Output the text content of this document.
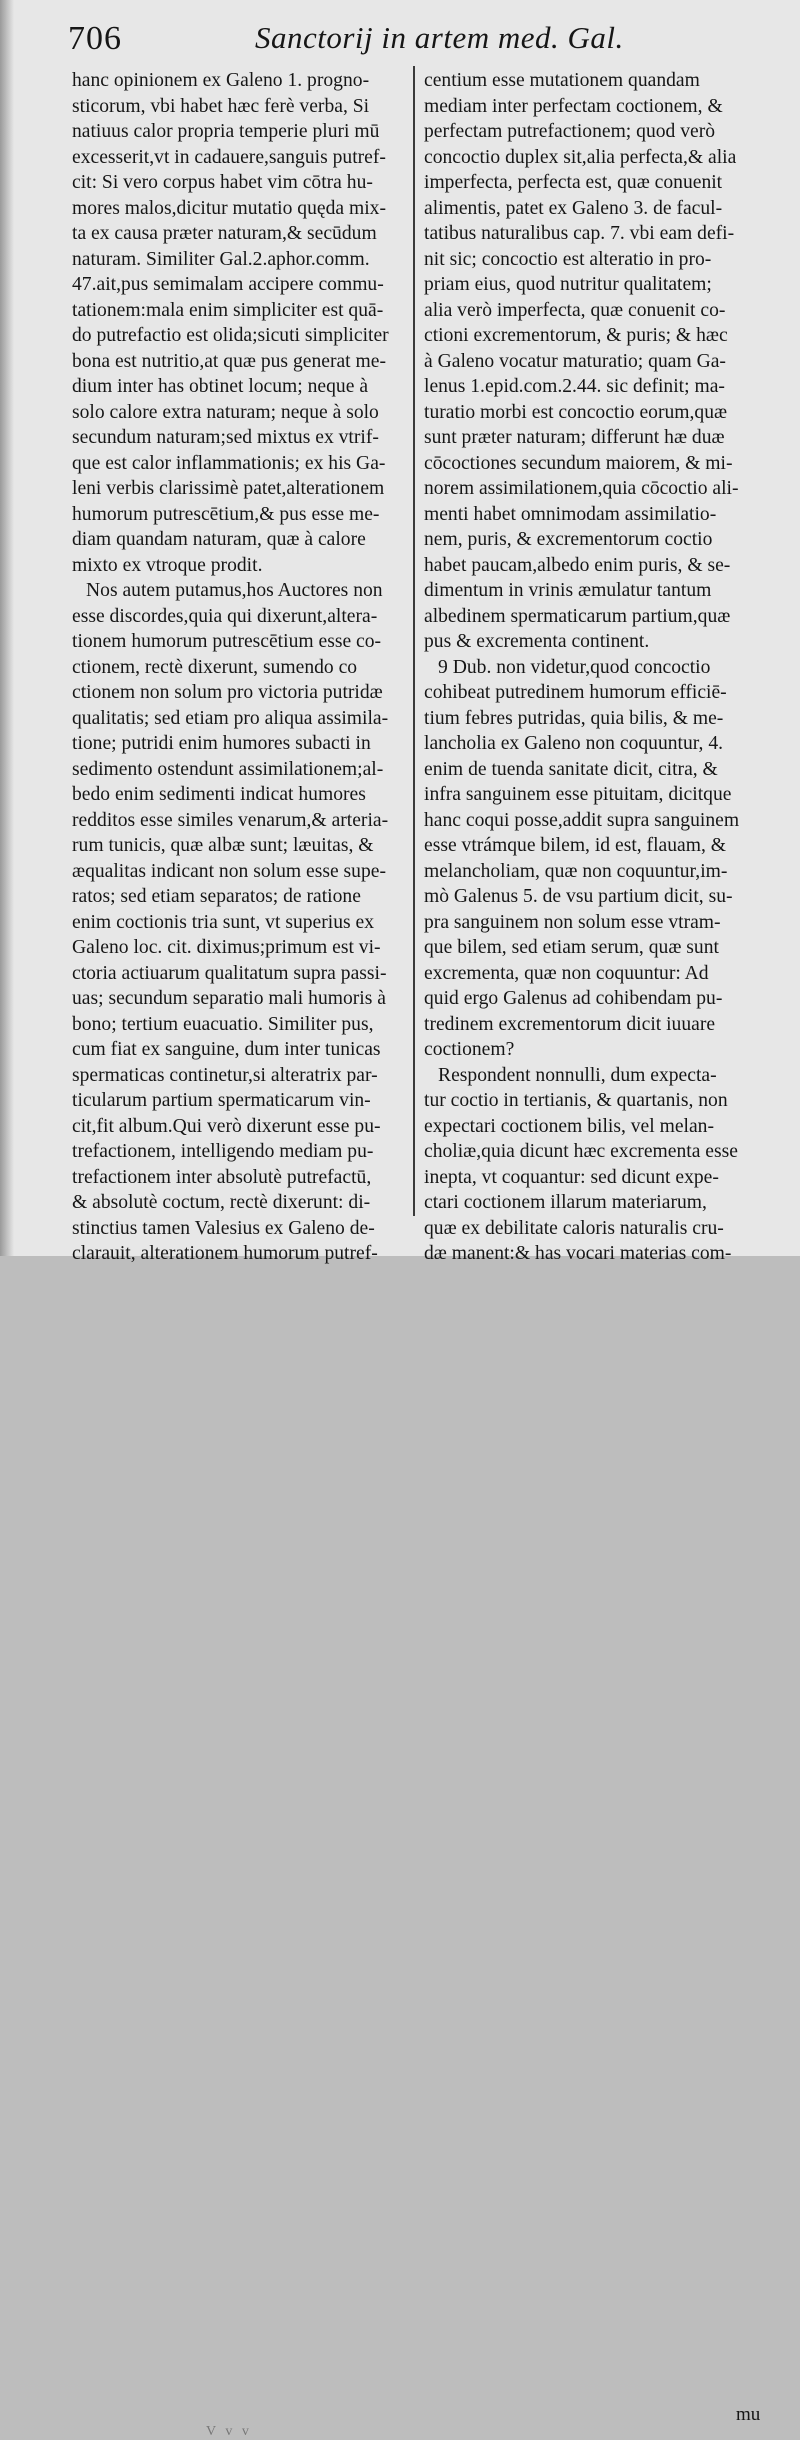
706	Sanctorij in artem med. Gal.
hanc opinionem ex Galeno 1. progno-
sticorum, vbi habet hæc ferè verba, Si
natiuus calor propria temperie pluri mū
excesserit,vt in cadauere,sanguis putref-
cit: Si vero corpus habet vim cōtra hu-
mores malos,dicitur mutatio quęda mix-
ta ex causa præter naturam,& secūdum
naturam. Similiter Gal.2.aphor.comm.
47.ait,pus semimalam accipere commu-
tationem:mala enim simpliciter est quā-
do putrefactio est olida;sicuti simpliciter
bona est nutritio,at quæ pus generat me-
dium inter has obtinet locum; neque à
solo calore extra naturam; neque à solo
secundum naturam;sed mixtus ex vtrif-
que est calor inflammationis; ex his Ga-
leni verbis clarissimè patet,alterationem
humorum putrescētium,& pus esse me-
diam quandam naturam, quæ à calore
mixto ex vtroque prodit.
Nos autem putamus,hos Auctores non
esse discordes,quia qui dixerunt,altera-
tionem humorum putrescētium esse co-
ctionem, rectè dixerunt, sumendo co
ctionem non solum pro victoria putridæ
qualitatis; sed etiam pro aliqua assimila-
tione; putridi enim humores subacti in
sedimento ostendunt assimilationem;al-
bedo enim sedimenti indicat humores
redditos esse similes venarum,& arteria-
rum tunicis, quæ albæ sunt; læuitas, &
æqualitas indicant non solum esse supe-
ratos; sed etiam separatos; de ratione
enim coctionis tria sunt, vt superius ex
Galeno loc. cit. diximus;primum est vi-
ctoria actiuarum qualitatum supra passi-
uas; secundum separatio mali humoris à
bono; tertium euacuatio. Similiter pus,
cum fiat ex sanguine, dum inter tunicas
spermaticas continetur,si alteratrix par-
ticularum partium spermaticarum vin-
cit,fit album.Qui verò dixerunt esse pu-
trefactionem, intelligendo mediam pu-
trefactionem inter absolutè putrefactū,
& absolutè coctum, rectè dixerunt: di-
stinctius tamen Valesius ex Galeno de-
clarauit, alterationem humorum putref-
centium esse mutationem quandam
mediam inter perfectam coctionem, &
perfectam putrefactionem; quod verò
concoctio duplex sit,alia perfecta,& alia
imperfecta, perfecta est, quæ conuenit
alimentis, patet ex Galeno 3. de facul-
tatibus naturalibus cap. 7. vbi eam defi-
nit sic; concoctio est alteratio in pro-
priam eius, quod nutritur qualitatem;
alia verò imperfecta, quæ conuenit co-
ctioni excrementorum, & puris; & hæc
à Galeno vocatur maturatio; quam Ga-
lenus 1.epid.com.2.44. sic definit; ma-
turatio morbi est concoctio eorum,quæ
sunt præter naturam; differunt hæ duæ
cōcoctiones secundum maiorem, & mi-
norem assimilationem,quia cōcoctio ali-
menti habet omnimodam assimilatio-
nem, puris, & excrementorum coctio
habet paucam,albedo enim puris, & se-
dimentum in vrinis æmulatur tantum
albedinem spermaticarum partium,quæ
pus & excrementa continent.
9 Dub. non videtur,quod concoctio
cohibeat putredinem humorum efficiē-
tium febres putridas, quia bilis, & me-
lancholia ex Galeno non coquuntur, 4.
enim de tuenda sanitate dicit, citra, &
infra sanguinem esse pituitam, dicitque
hanc coqui posse,addit supra sanguinem
esse vtrámque bilem, id est, flauam, &
melancholiam, quæ non coquuntur,im-
mò Galenus 5. de vsu partium dicit, su-
pra sanguinem non solum esse vtram-
que bilem, sed etiam serum, quæ sunt
excrementa, quæ non coquuntur: Ad
quid ergo Galenus ad cohibendam pu-
tredinem excrementorum dicit iuuare
coctionem?
Respondent nonnulli, dum expecta-
tur coctio in tertianis, & quartanis, non
expectari coctionem bilis, vel melan-
choliæ,quia dicunt hæc excrementa esse
inepta, vt coquantur: sed dicunt expe-
ctari coctionem illarum materiarum,
quæ ex debilitate caloris naturalis cru-
dæ manent:& has vocari materias com-
V v v
mu
